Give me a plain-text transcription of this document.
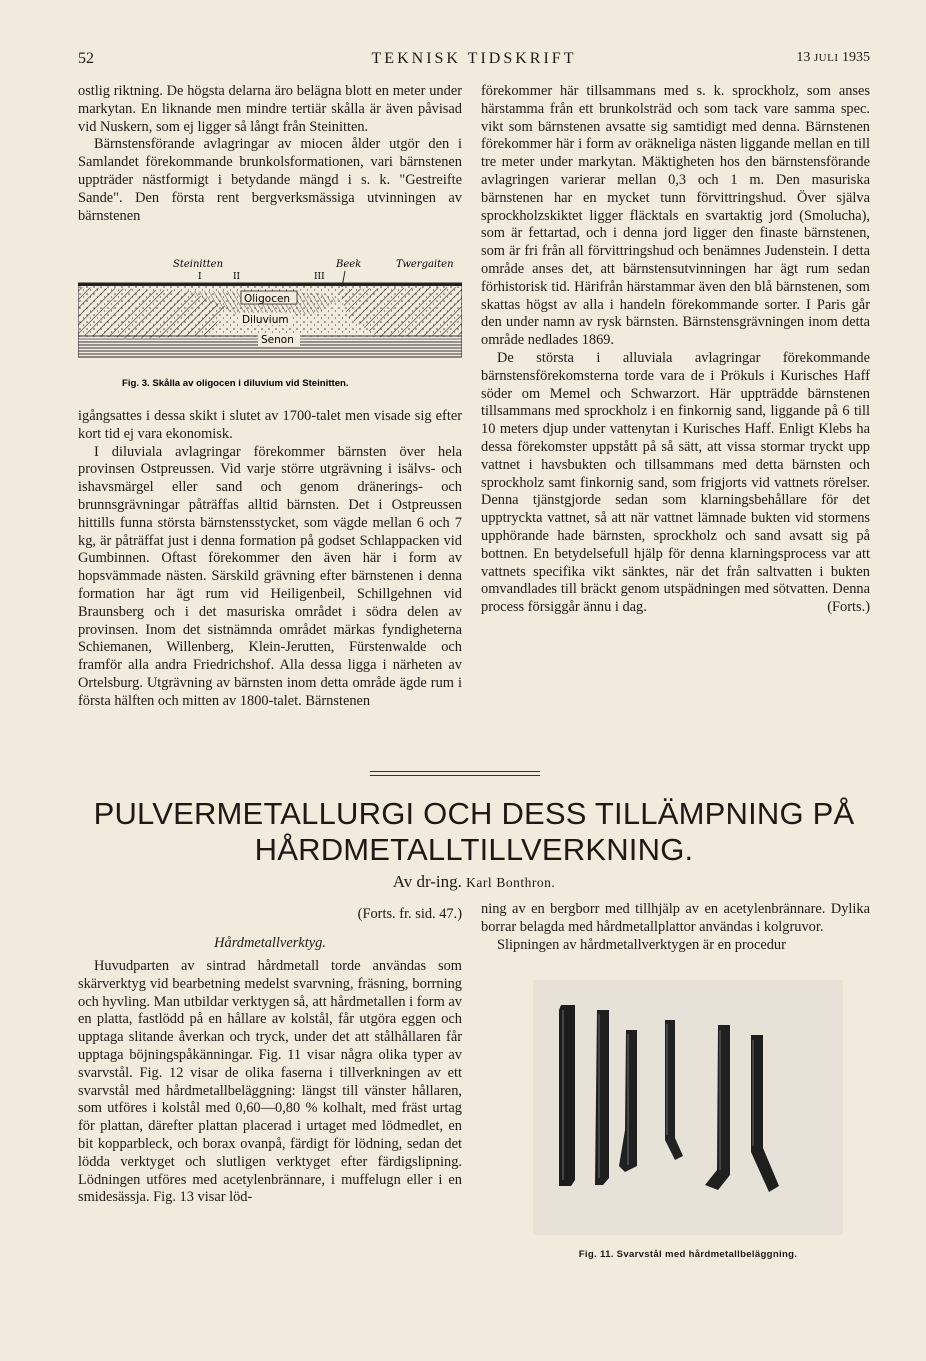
52	TEKNISK TIDSKRIFT	13 JULI 1935

ostlig riktning. De högsta delarna äro belägna blott en meter under markytan. En liknande men mindre tertiär skålla är även påvisad vid Nuskern, som ej ligger så långt från Steinitten.

Bärnstensförande avlagringar av miocen ålder utgör den i Samlandet förekommande brunkolsformationen, vari bärnstenen uppträder nästformigt i betydande mängd i s. k. "Gestreifte Sande". Den första rent bergverksmässiga utvinningen av bärnstenen

Steinitten	Beek	Twergaiten
I	II	III
Oligocen
Diluvium
Senon
Fig. 3. Skålla av oligocen i diluvium vid Steinitten.

igångsattes i dessa skikt i slutet av 1700-talet men visade sig efter kort tid ej vara ekonomisk.

I diluviala avlagringar förekommer bärnsten över hela provinsen Ostpreussen. Vid varje större utgrävning i isälvs- och ishavsmärgel eller sand och genom dränerings- och brunnsgrävningar påträffas alltid bärnsten. Det i Ostpreussen hittills funna största bärnstensstycket, som vägde mellan 6 och 7 kg, är påträffat just i denna formation på godset Schlappacken vid Gumbinnen. Oftast förekommer den även här i form av hopsvämmade nästen. Särskild grävning efter bärnstenen i denna formation har ägt rum vid Heiligenbeil, Schillgehnen vid Braunsberg och i det masuriska området i södra delen av provinsen. Inom det sistnämnda området märkas fyndigheterna Schiemanen, Willenberg, Klein-Jerutten, Fürstenwalde och framför alla andra Friedrichshof. Alla dessa ligga i närheten av Ortelsburg. Utgrävning av bärnsten inom detta område ägde rum i första hälften och mitten av 1800-talet. Bärnstenen

förekommer här tillsammans med s. k. sprockholz, som anses härstamma från ett brunkolsträd och som tack vare samma spec. vikt som bärnstenen avsatte sig samtidigt med denna. Bärnstenen förekommer här i form av oräkneliga nästen liggande mellan en till tre meter under markytan. Mäktigheten hos den bärnstensförande avlagringen varierar mellan 0,3 och 1 m. Den masuriska bärnstenen har en mycket tunn förvittringshud. Över själva sprockholzskiktet ligger fläcktals en svartaktig jord (Smolucha), som är fettartad, och i denna jord ligger den finaste bärnstenen, som är fri från all förvittringshud och benämnes Judenstein. I detta område anses det, att bärnstensutvinningen har ägt rum sedan förhistorisk tid. Härifrån härstammar även den blå bärnstenen, som skattas högst av alla i handeln förekommande sorter. I Paris går den under namn av rysk bärnsten. Bärnstensgrävningen inom detta område nedlades 1869.

De största i alluviala avlagringar förekommande bärnstensförekomsterna torde vara de i Prökuls i Kurisches Haff söder om Memel och Schwarzort. Här uppträdde bärnstenen tillsammans med sprockholz i en finkornig sand, liggande på 6 till 10 meters djup under vattenytan i Kurisches Haff. Enligt Klebs ha dessa förekomster uppstått på så sätt, att vissa stormar tryckt upp vattnet i havsbukten och tillsammans med detta bärnsten och sprockholz samt finkornig sand, som frigjorts vid vattnets rörelser. Denna tjänstgjorde sedan som klarningsbehållare för det upptryckta vattnet, så att när vattnet lämnade bukten vid stormens upphörande hade bärnsten, sprockholz och sand avsatt sig på bottnen. En betydelsefull hjälp för denna klarningsprocess var att vattnets specifika vikt sänktes, när det från saltvatten i bukten omvandlades till bräckt genom utspädningen med sötvatten. Denna process försiggår ännu i dag.	(Forts.)

PULVERMETALLURGI OCH DESS TILLÄMPNING PÅ
HÅRDMETALLTILLVERKNING.
Av dr-ing. Karl Bonthron.
(Forts. fr. sid. 47.)
Hårdmetallverktyg.

Huvudparten av sintrad hårdmetall torde användas som skärverktyg vid bearbetning medelst svarvning, fräsning, borrning och hyvling. Man utbildar verktygen så, att hårdmetallen i form av en platta, fastlödd på en hållare av kolstål, får utgöra eggen och upptaga slitande åverkan och tryck, under det att stålhållaren får upptaga böjningspåkänningar. Fig. 11 visar några olika typer av svarvstål. Fig. 12 visar de olika faserna i tillverkningen av ett svarvstål med hårdmetallbeläggning: längst till vänster hållaren, som utföres i kolstål med 0,60—0,80 % kolhalt, med fräst urtag för plattan, därefter plattan placerad i urtaget med lödmedlet, en bit kopparbleck, och borax ovanpå, färdigt för lödning, sedan det lödda verktyget och slutligen verktyget efter färdigslipning. Lödningen utföres med acetylenbrännare, i muffelugn eller i en smidesässja. Fig. 13 visar löd-

ning av en bergborr med tillhjälp av en acetylenbrännare. Dylika borrar belagda med hårdmetallplattor användas i kolgruvor.

Slipningen av hårdmetallverktygen är en procedur

Fig. 11. Svarvstål med hårdmetallbeläggning.
